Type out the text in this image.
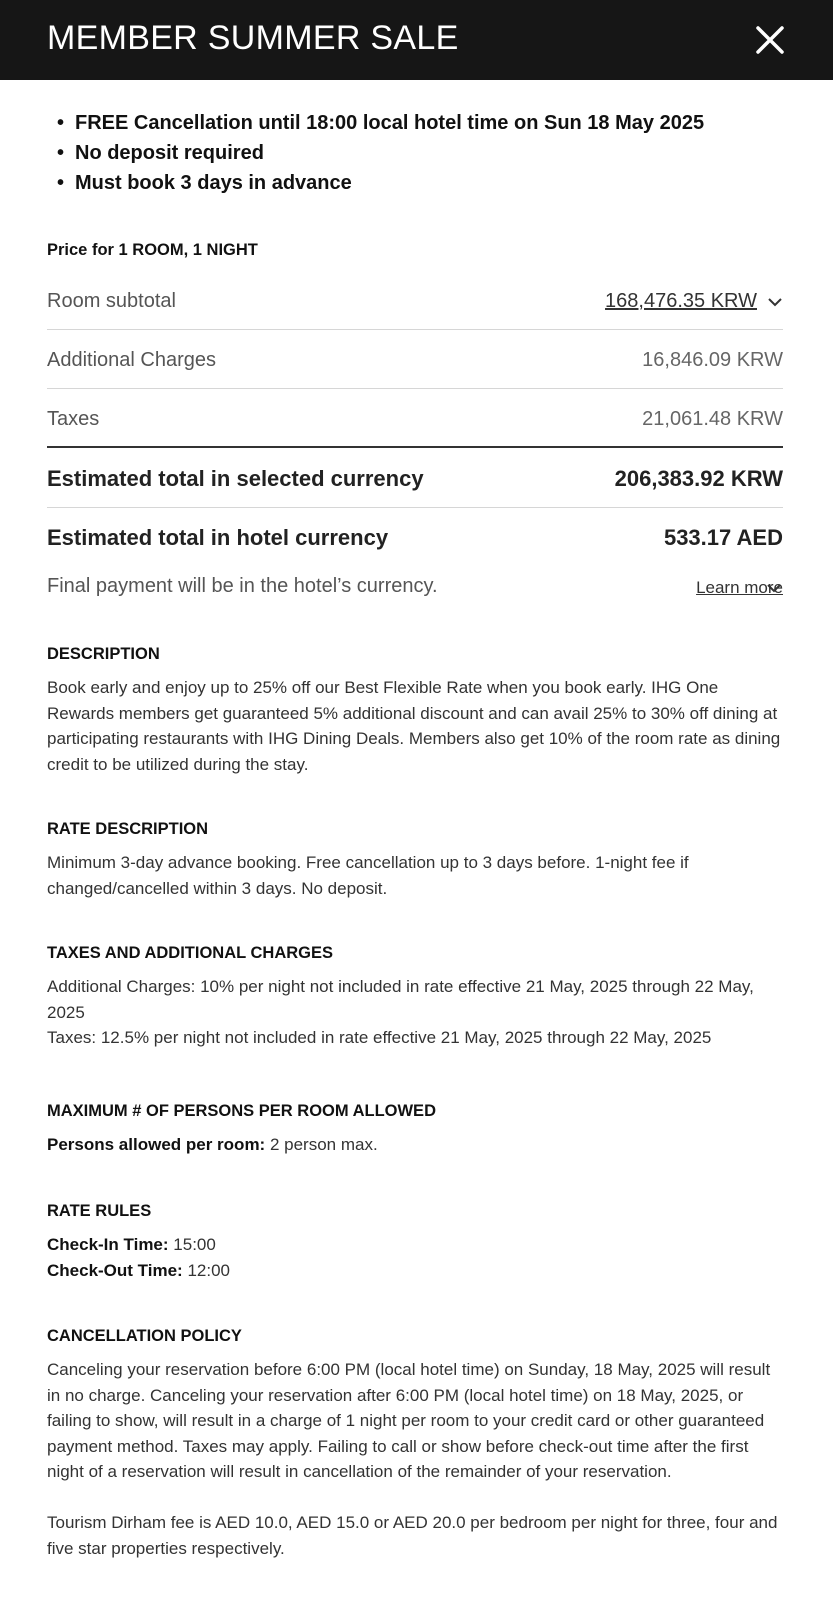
MEMBER SUMMER SALE
• FREE Cancellation until 18:00 local hotel time on Sun 18 May 2025
• No deposit required
• Must book 3 days in advance
Price for 1 ROOM, 1 NIGHT
Room subtotal	168,476.35 KRW
Additional Charges	16,846.09 KRW
Taxes	21,061.48 KRW
Estimated total in selected currency	206,383.92 KRW
Estimated total in hotel currency	533.17 AED
Final payment will be in the hotel’s currency.	Learn more
DESCRIPTION
Book early and enjoy up to 25% off our Best Flexible Rate when you book early. IHG One Rewards members get guaranteed 5% additional discount and can avail 25% to 30% off dining at participating restaurants with IHG Dining Deals. Members also get 10% of the room rate as dining credit to be utilized during the stay.
RATE DESCRIPTION
Minimum 3-day advance booking. Free cancellation up to 3 days before. 1-night fee if changed/cancelled within 3 days. No deposit.
TAXES AND ADDITIONAL CHARGES
Additional Charges: 10% per night not included in rate effective 21 May, 2025 through 22 May, 2025
Taxes: 12.5% per night not included in rate effective 21 May, 2025 through 22 May, 2025
MAXIMUM # OF PERSONS PER ROOM ALLOWED
Persons allowed per room: 2 person max.
RATE RULES
Check-In Time: 15:00
Check-Out Time: 12:00
CANCELLATION POLICY
Canceling your reservation before 6:00 PM (local hotel time) on Sunday, 18 May, 2025 will result in no charge. Canceling your reservation after 6:00 PM (local hotel time) on 18 May, 2025, or failing to show, will result in a charge of 1 night per room to your credit card or other guaranteed payment method. Taxes may apply. Failing to call or show before check-out time after the first night of a reservation will result in cancellation of the remainder of your reservation.
Tourism Dirham fee is AED 10.0, AED 15.0 or AED 20.0 per bedroom per night for three, four and five star properties respectively.
